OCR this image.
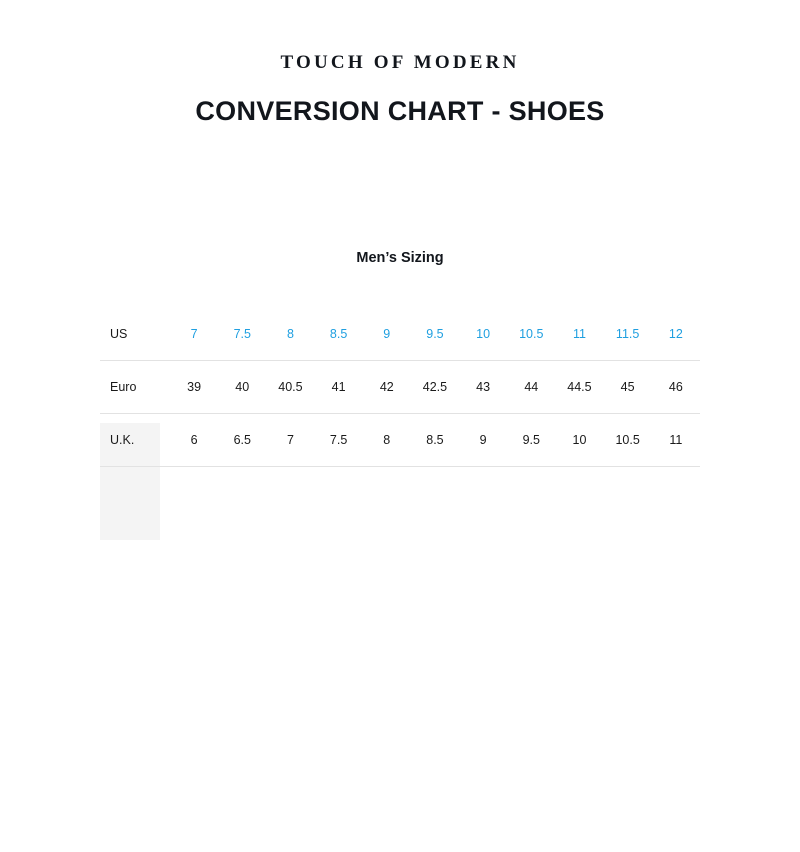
TOUCH OF MODERN
CONVERSION CHART - SHOES
Men’s Sizing
US	7	7.5	8	8.5	9	9.5	10	10.5	11	11.5	12
Euro	39	40	40.5	41	42	42.5	43	44	44.5	45	46
U.K.	6	6.5	7	7.5	8	8.5	9	9.5	10	10.5	11
